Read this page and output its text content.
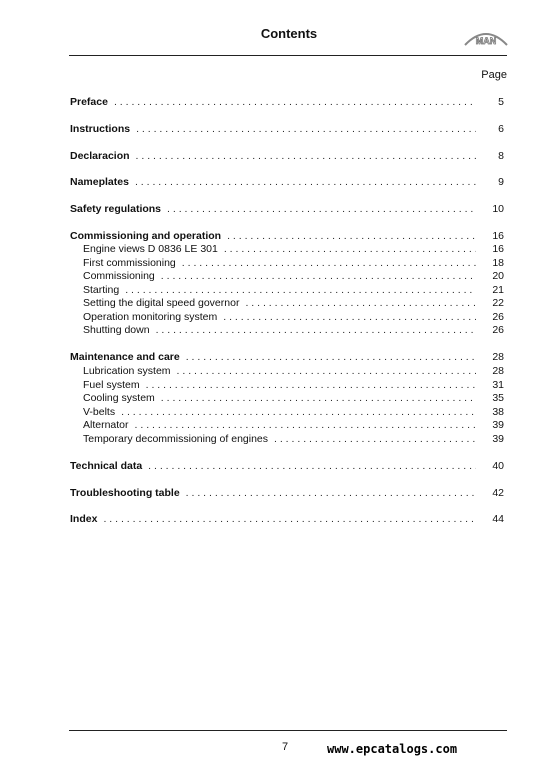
Contents	MAN
Page
Preface . . .	5
Instructions . . .	6
Declaracion . . .	8
Nameplates . . .	9
Safety regulations . . .	10
Commissioning and operation . . .	16
Engine views D 0836 LE 301 . . .	16
First commissioning . . .	18
Commissioning . . .	20
Starting . . .	21
Setting the digital speed governor . . .	22
Operation monitoring system . . .	26
Shutting down . . .	26
Maintenance and care . . .	28
Lubrication system . . .	28
Fuel system . . .	31
Cooling system . . .	35
V-belts . . .	38
Alternator . . .	39
Temporary decommissioning of engines . . .	39
Technical data . . .	40
Troubleshooting table . . .	42
Index . . .	44
7	www.epcatalogs.com
